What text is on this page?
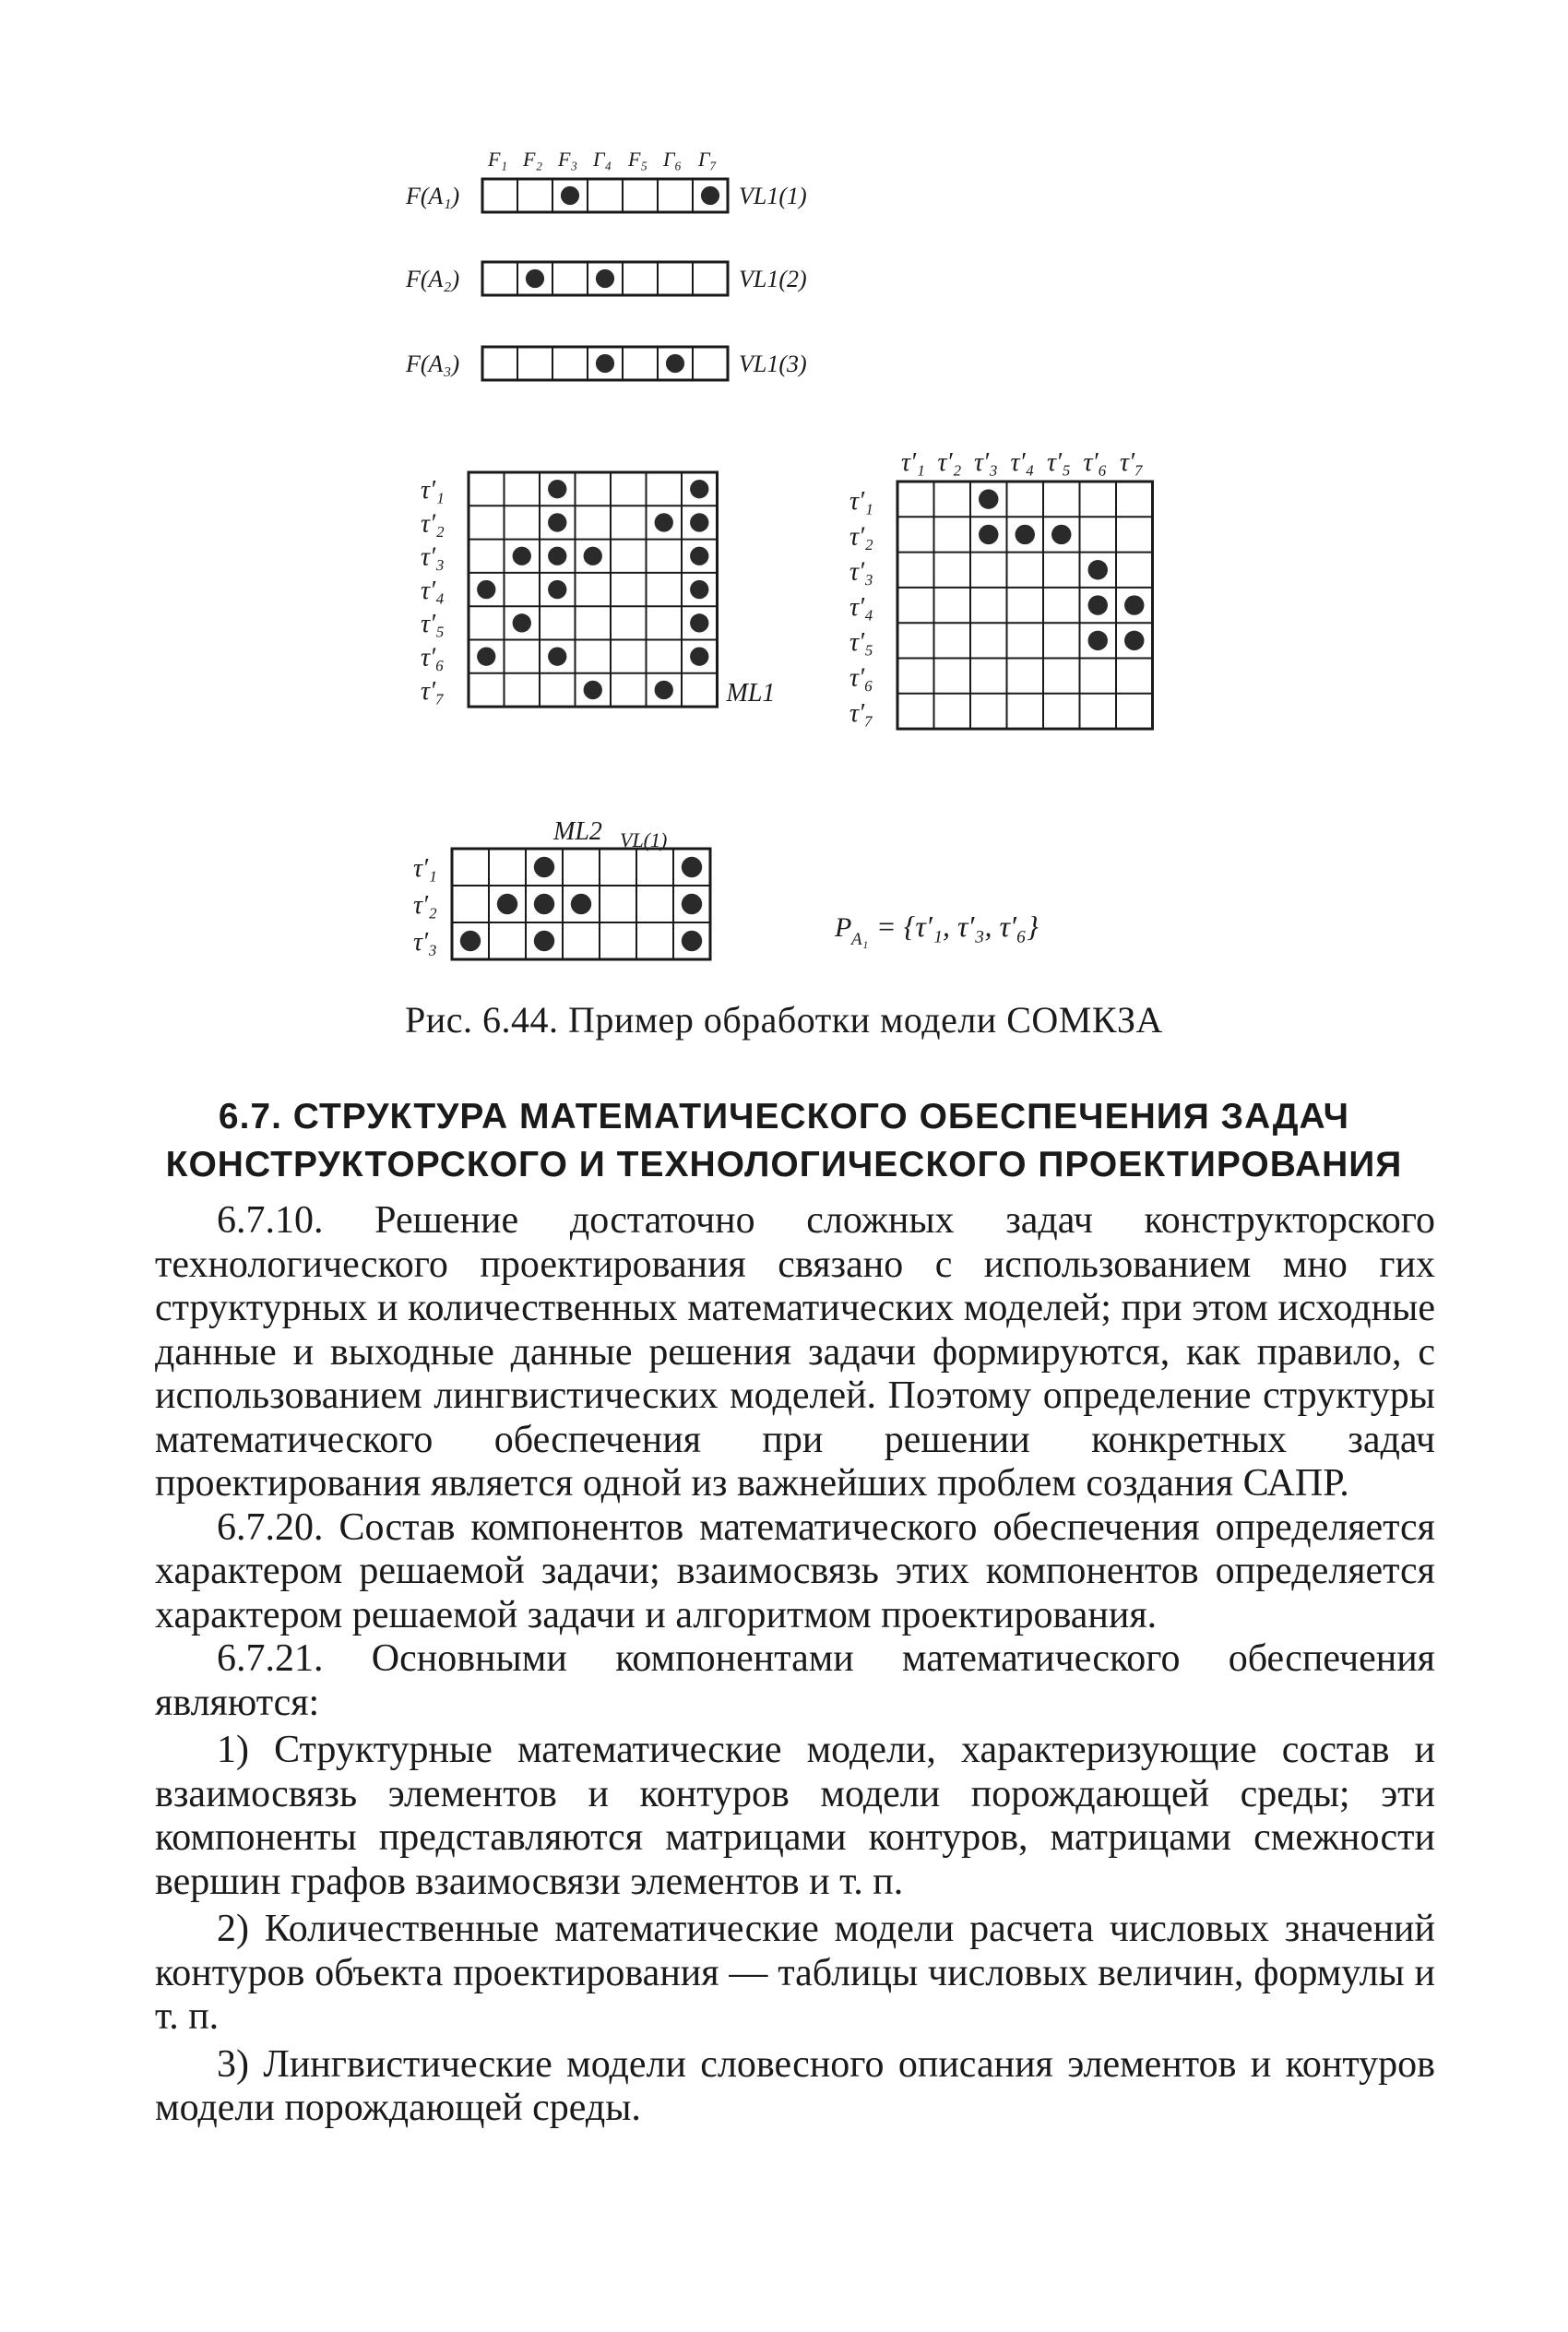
F₁ F₂ F₃ Γ₄ F₅ Γ₆ Γ₇
F(A₁)	VL1(1)
F(A₂)	VL1(2)
F(A₃)	VL1(3)
τ′₁
τ′₂
τ′₃
τ′₄
τ′₅
τ′₆
τ′₇	ML1
τ′₁ τ′₂ τ′₃ τ′₄ τ′₅ τ′₆ τ′₇
τ′₁
τ′₂
τ′₃
τ′₄
τ′₅
τ′₆
τ′₇
ML2 VL(1)
τ′₁
τ′₂
τ′₃	P A₁ = {τ′₁, τ′₃, τ′₆}
Рис. 6.44. Пример обработки модели СОМКЗА
6.7. СТРУКТУРА МАТЕМАТИЧЕСКОГО ОБЕСПЕЧЕНИЯ ЗАДАЧ
КОНСТРУКТОРСКОГО И ТЕХНОЛОГИЧЕСКОГО ПРОЕКТИРОВАНИЯ

6.7.10. Решение достаточно сложных задач конструкторского технологического проектирования связано с использованием мно гих структурных и количественных математических моделей; при этом исходные данные и выходные данные решения задачи формируются, как правило, с использованием лингвистических моделей. Поэтому определение структуры математического обеспечения при решении конкретных задач проектирования является одной из важнейших проблем создания САПР.

6.7.20. Состав компонентов математического обеспечения определяется характером решаемой задачи; взаимосвязь этих компонентов определяется характером решаемой задачи и алгоритмом проектирования.

6.7.21. Основными компонентами математического обеспечения являются:

1) Структурные математические модели, характеризующие состав и взаимосвязь элементов и контуров модели порождающей среды; эти компоненты представляются матрицами контуров, матрицами смежности вершин графов взаимосвязи элементов и т. п.

2) Количественные математические модели расчета числовых значений контуров объекта проектирования — таблицы числовых величин, формулы и т. п.

3) Лингвистические модели словесного описания элементов и контуров модели порождающей среды.
